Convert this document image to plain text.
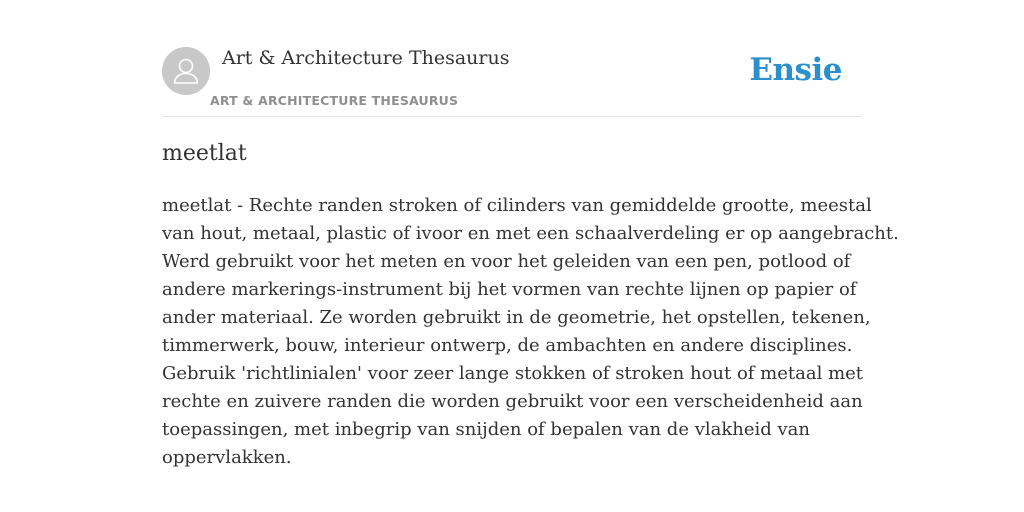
Art & Architecture Thesaurus
ART & ARCHITECTURE THESAURUS
Ensie
meetlat

meetlat - Rechte randen stroken of cilinders van gemiddelde grootte, meestal
van hout, metaal, plastic of ivoor en met een schaalverdeling er op aangebracht.
Werd gebruikt voor het meten en voor het geleiden van een pen, potlood of
andere markerings-instrument bij het vormen van rechte lijnen op papier of
ander materiaal. Ze worden gebruikt in de geometrie, het opstellen, tekenen,
timmerwerk, bouw, interieur ontwerp, de ambachten en andere disciplines.
Gebruik 'richtlinialen' voor zeer lange stokken of stroken hout of metaal met
rechte en zuivere randen die worden gebruikt voor een verscheidenheid aan
toepassingen, met inbegrip van snijden of bepalen van de vlakheid van
oppervlakken.
